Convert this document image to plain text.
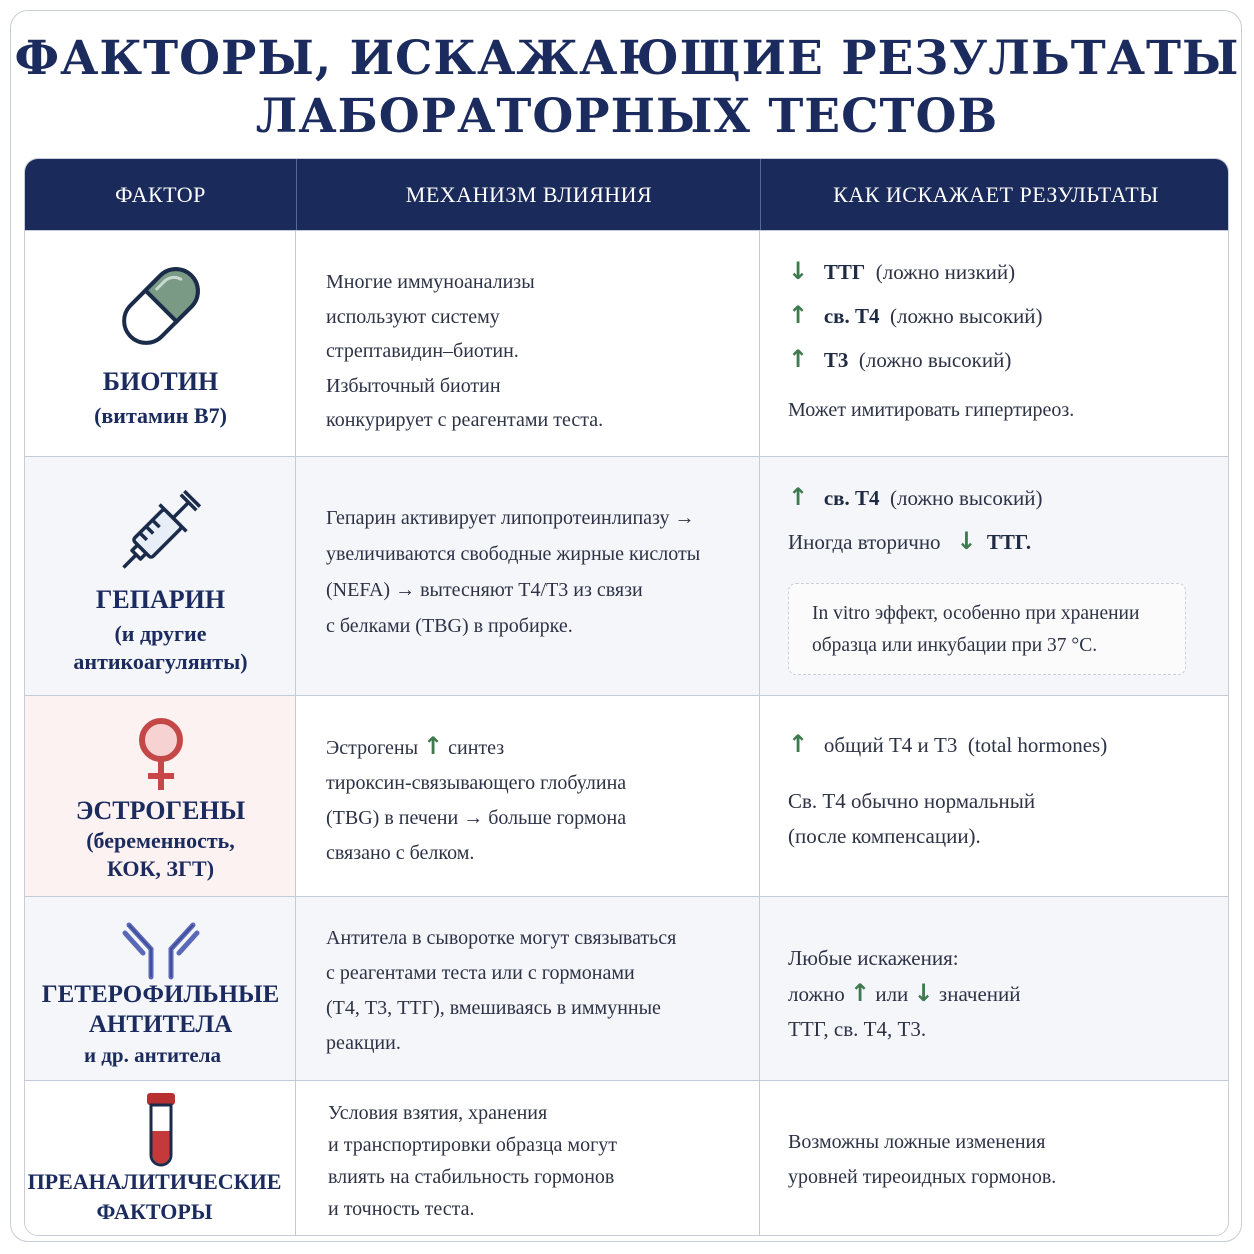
ФАКТОРЫ, ИСКАЖАЮЩИЕ РЕЗУЛЬТАТЫ
ЛАБОРАТОРНЫХ ТЕСТОВ
ФАКТОР	МЕХАНИЗМ ВЛИЯНИЯ	КАК ИСКАЖАЕТ РЕЗУЛЬТАТЫ
БИОТИН
(витамин B7)
Многие иммуноанализы
используют систему
стрептавидин–биотин.
Избыточный биотин
конкурирует с реагентами теста.
↓ ТТГ (ложно низкий)
↑ св. Т4 (ложно высокий)
↑ Т3 (ложно высокий)
Может имитировать гипертиреоз.
ГЕПАРИН
(и другие
антикоагулянты)
Гепарин активирует липопротеинлипазу →
увеличиваются свободные жирные кислоты
(NEFA) → вытесняют Т4/Т3 из связи
с белками (TBG) в пробирке.
↑ св. Т4 (ложно высокий)
Иногда вторично ↓ ТТГ.
In vitro эффект, особенно при хранении
образца или инкубации при 37 °C.
ЭСТРОГЕНЫ
(беременность,
КОК, ЗГТ)
Эстрогены ↑ синтез
тироксин-связывающего глобулина
(TBG) в печени → больше гормона
связано с белком.
↑ общий Т4 и Т3  (total hormones)
Св. Т4 обычно нормальный
(после компенсации).
ГЕТЕРОФИЛЬНЫЕ
АНТИТЕЛА
и др. антитела
Антитела в сыворотке могут связываться
с реагентами теста или с гормонами
(Т4, Т3, ТТГ), вмешиваясь в иммунные
реакции.
Любые искажения:
ложно ↑ или ↓ значений
ТТГ, св. Т4, Т3.
ПРЕАНАЛИТИЧЕСКИЕ
ФАКТОРЫ
Условия взятия, хранения
и транспортировки образца могут
влиять на стабильность гормонов
и точность теста.
Возможны ложные изменения
уровней тиреоидных гормонов.
